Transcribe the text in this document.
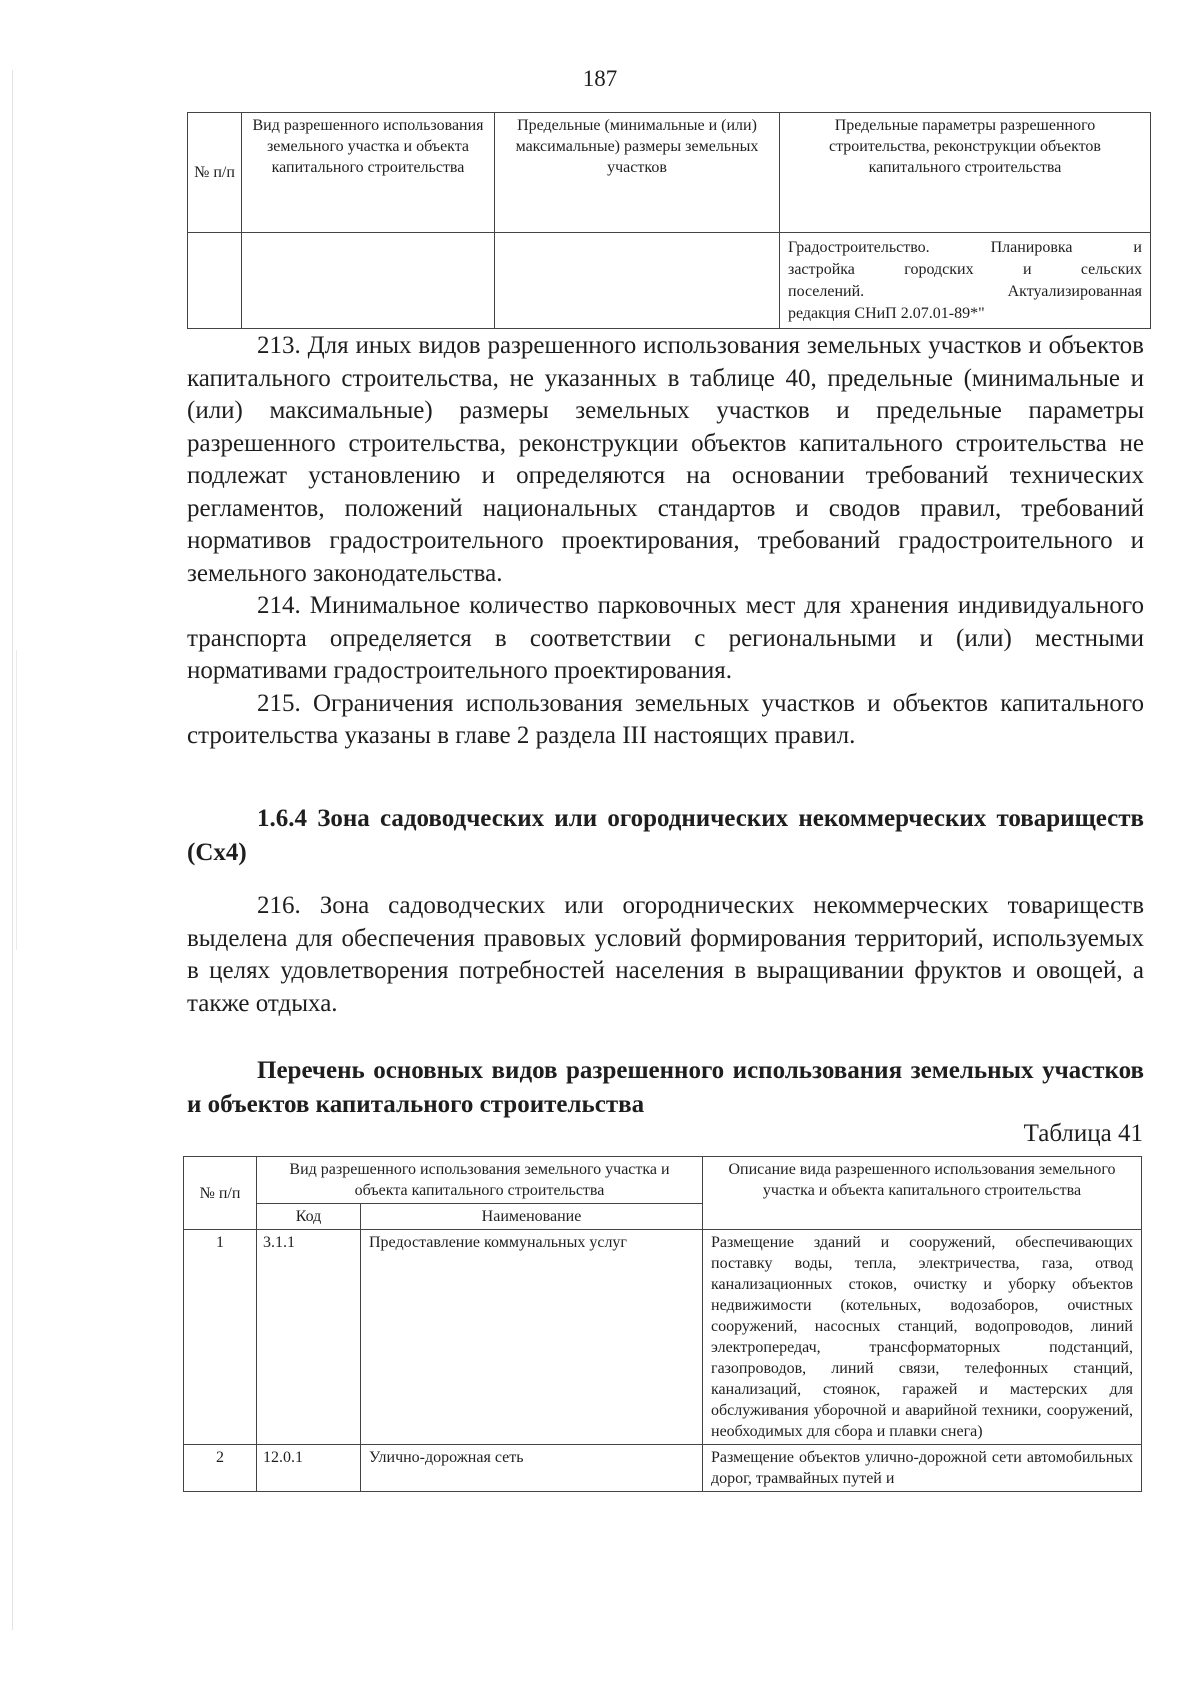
187
№ п/п	Вид разрешенного использования земельного участка и объекта капитального строительства	Предельные (минимальные и (или) максимальные) размеры земельных участков	Предельные параметры разрешенного строительства, реконструкции объектов капитального строительства

			Градостроительство. Планировка и
застройка городских и сельских
поселений. Актуализированная
редакция СНиП 2.07.01-89*"

213. Для иных видов разрешенного использования земельных участков и объектов капитального строительства, не указанных в таблице 40, предельные (минимальные и (или) максимальные) размеры земельных участков и предельные параметры разрешенного строительства, реконструкции объектов капитального строительства не подлежат установлению и определяются на основании требований технических регламентов, положений национальных стандартов и сводов правил, требований нормативов градостроительного проектирования, требований градостроительного и земельного законодательства.

214. Минимальное количество парковочных мест для хранения индивидуального транспорта определяется в соответствии с региональными и (или) местными нормативами градостроительного проектирования.

215. Ограничения использования земельных участков и объектов капитального строительства указаны в главе 2 раздела III настоящих правил.

1.6.4 Зона садоводческих или огороднических некоммерческих товариществ (Сх4)

216. Зона садоводческих или огороднических некоммерческих товариществ выделена для обеспечения правовых условий формирования территорий, используемых в целях удовлетворения потребностей населения в выращивании фруктов и овощей, а также отдыха.

Перечень основных видов разрешенного использования земельных участков и объектов капитального строительства
Таблица 41
№ п/п	Вид разрешенного использования земельного участка и объекта капитального строительства		Описание вида разрешенного использования земельного участка и объекта капитального строительства
	Код	Наименование	
1	3.1.1	Предоставление коммунальных услуг	Размещение зданий и сооружений, обеспечивающих поставку воды, тепла, электричества, газа, отвод канализационных стоков, очистку и уборку объектов недвижимости (котельных, водозаборов, очистных сооружений, насосных станций, водопроводов, линий электропередач, трансформаторных подстанций, газопроводов, линий связи, телефонных станций, канализаций, стоянок, гаражей и мастерских для обслуживания уборочной и аварийной техники, сооружений, необходимых для сбора и плавки снега)
2	12.0.1	Улично-дорожная сеть	Размещение объектов улично-дорожной сети автомобильных дорог, трамвайных путей и
